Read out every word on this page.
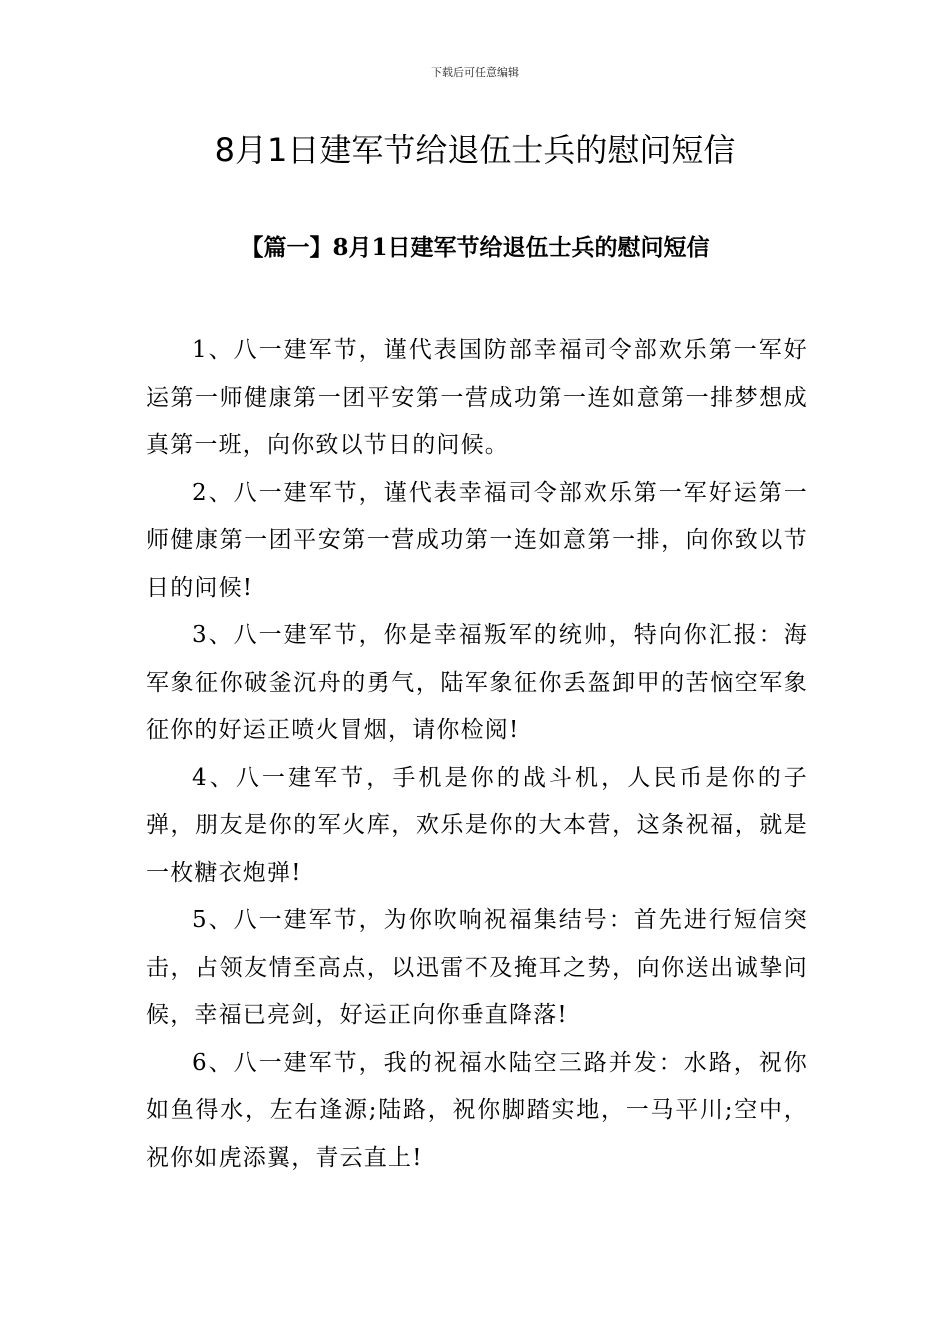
下载后可任意编辑
8月1日建军节给退伍士兵的慰问短信
【篇一】8月1日建军节给退伍士兵的慰问短信

1、八一建军节，谨代表国防部幸福司令部欢乐第一军好运第一师健康第一团平安第一营成功第一连如意第一排梦想成真第一班，向你致以节日的问候。

2、八一建军节，谨代表幸福司令部欢乐第一军好运第一师健康第一团平安第一营成功第一连如意第一排，向你致以节日的问候!

3、八一建军节，你是幸福叛军的统帅，特向你汇报：海军象征你破釜沉舟的勇气，陆军象征你丢盔卸甲的苦恼空军象征你的好运正喷火冒烟，请你检阅!

4、八一建军节，手机是你的战斗机，人民币是你的子弹，朋友是你的军火库，欢乐是你的大本营，这条祝福，就是一枚糖衣炮弹!

5、八一建军节，为你吹响祝福集结号：首先进行短信突击，占领友情至高点，以迅雷不及掩耳之势，向你送出诚挚问候，幸福已亮剑，好运正向你垂直降落!

6、八一建军节，我的祝福水陆空三路并发：水路，祝你如鱼得水，左右逢源;陆路，祝你脚踏实地，一马平川;空中，祝你如虎添翼，青云直上!
